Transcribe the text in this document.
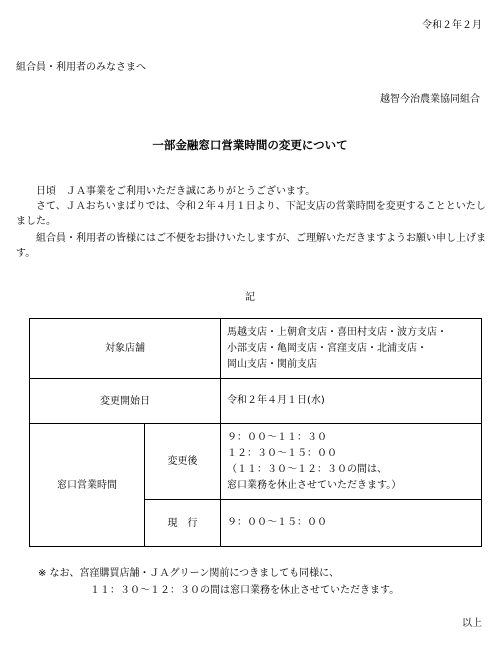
令和２年２月
組合員・利用者のみなさまへ
越智今治農業協同組合
一部金融窓口営業時間の変更について
日頃　ＪＡ事業をご利用いただき誠にありがとうございます。
さて、ＪＡおちいまばりでは、令和２年４月１日より、下記支店の営業時間を変更することといたしました。
組合員・利用者の皆様にはご不便をお掛けいたしますが、ご理解いただきますようお願い申し上げます。
記
対象店舗		馬越支店・上朝倉支店・喜田村支店・波方支店・
小部支店・亀岡支店・宮窪支店・北浦支店・
岡山支店・関前支店

変更開始日		令和２年４月１日(水)
窓口営業時間	変更後	９：００～１１：３０
１２：３０～１５：００
（１１：３０～１２：３０の間は、
窓口業務を休止させていただきます。）

	現　行	９：００～１５：００
※ なお、宮窪購買店舗・ＪＡグリーン関前につきましても同様に、
１１：３０～１２：３０の間は窓口業務を休止させていただきます。
以上
